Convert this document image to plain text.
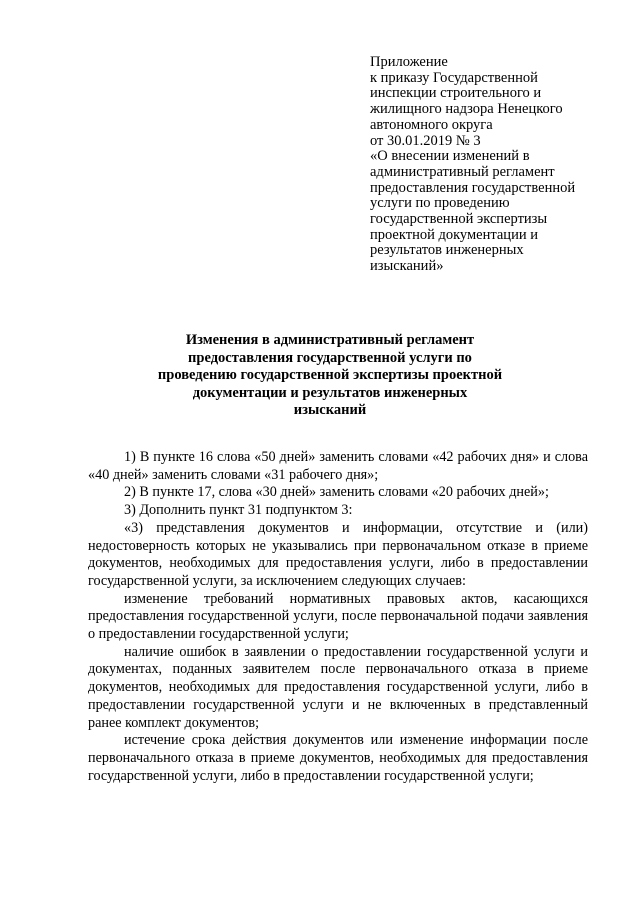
Приложение
к приказу Государственной
инспекции строительного и
жилищного надзора Ненецкого
автономного округа
от 30.01.2019 № 3
«О внесении изменений в
административный регламент
предоставления государственной
услуги по проведению
государственной экспертизы
проектной документации и
результатов инженерных
изысканий»
Изменения в административный регламент
предоставления государственной услуги по
проведению государственной экспертизы проектной
документации и результатов инженерных
изысканий

1) В пункте 16 слова «50 дней» заменить словами «42 рабочих дня» и слова «40 дней» заменить словами «31 рабочего дня»;

2) В пункте 17, слова «30 дней» заменить словами «20 рабочих дней»;

3) Дополнить пункт 31 подпунктом 3:

«3) представления документов и информации, отсутствие и (или) недостоверность которых не указывались при первоначальном отказе в приеме документов, необходимых для предоставления услуги, либо в предоставлении государственной услуги, за исключением следующих случаев:

изменение требований нормативных правовых актов, касающихся предоставления государственной услуги, после первоначальной подачи заявления о предоставлении государственной услуги;

наличие ошибок в заявлении о предоставлении государственной услуги и документах, поданных заявителем после первоначального отказа в приеме документов, необходимых для предоставления государственной услуги, либо в предоставлении государственной услуги и не включенных в представленный ранее комплект документов;

истечение срока действия документов или изменение информации после первоначального отказа в приеме документов, необходимых для предоставления государственной услуги, либо в предоставлении государственной услуги;
